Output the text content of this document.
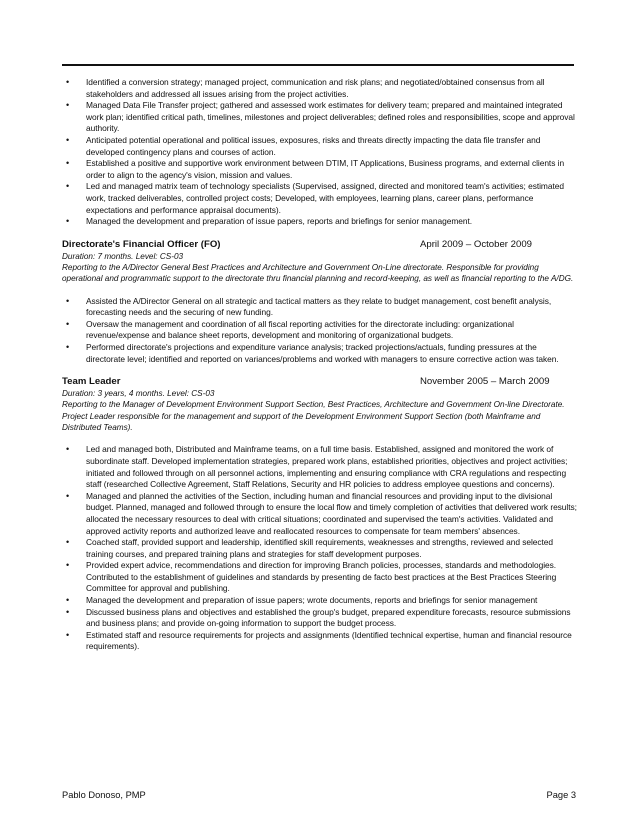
• Identified a conversion strategy; managed project, communication and risk plans; and negotiated/obtained consensus from all stakeholders and addressed all issues arising from the project activities.
• Managed Data File Transfer project; gathered and assessed work estimates for delivery team; prepared and maintained integrated work plan; identified critical path, timelines, milestones and project deliverables; defined roles and responsibilities, scope and approval authority.
• Anticipated potential operational and political issues, exposures, risks and threats directly impacting the data file transfer and developed contingency plans and courses of action.
• Established a positive and supportive work environment between DTIM, IT Applications, Business programs, and external clients in order to align to the agency's vision, mission and values.
• Led and managed matrix team of technology specialists (Supervised, assigned, directed and monitored team's activities; estimated work, tracked deliverables, controlled project costs; Developed, with employees, learning plans, career plans, performance expectations and performance appraisal documents).
• Managed the development and preparation of issue papers, reports and briefings for senior management.
Directorate's Financial Officer (FO)	April 2009 – October 2009
Duration: 7 months. Level: CS-03
Reporting to the A/Director General Best Practices and Architecture and Government On-Line directorate. Responsible for providing operational and programmatic support to the directorate thru financial planning and record-keeping, as well as financial reporting to the A/DG.
• Assisted the A/Director General on all strategic and tactical matters as they relate to budget management, cost benefit analysis, forecasting needs and the securing of new funding.
• Oversaw the management and coordination of all fiscal reporting activities for the directorate including: organizational revenue/expense and balance sheet reports, development and monitoring of organizational budgets.
• Performed directorate's projections and expenditure variance analysis; tracked projections/actuals, funding pressures at the directorate level; identified and reported on variances/problems and worked with managers to ensure corrective action was taken.
Team Leader	November 2005 – March 2009
Duration: 3 years, 4 months. Level: CS-03
Reporting to the Manager of Development Environment Support Section, Best Practices, Architecture and Government On-line Directorate. Project Leader responsible for the management and support of the Development Environment Support Section (both Mainframe and Distributed Teams).
• Led and managed both, Distributed and Mainframe teams, on a full time basis. Established, assigned and monitored the work of subordinate staff. Developed implementation strategies, prepared work plans, established priorities, objectives and project activities; initiated and followed through on all personnel actions, implementing and ensuring compliance with CRA regulations and respecting staff (researched Collective Agreement, Staff Relations, Security and HR policies to address employee questions and concerns).
• Managed and planned the activities of the Section, including human and financial resources and providing input to the divisional budget. Planned, managed and followed through to ensure the local flow and timely completion of activities that delivered work results; allocated the necessary resources to deal with critical situations; coordinated and supervised the team's activities. Validated and approved activity reports and authorized leave and reallocated resources to compensate for team members' absences.
• Coached staff, provided support and leadership, identified skill requirements, weaknesses and strengths, reviewed and selected training courses, and prepared training plans and strategies for staff development purposes.
• Provided expert advice, recommendations and direction for improving Branch policies, processes, standards and methodologies. Contributed to the establishment of guidelines and standards by presenting de facto best practices at the Best Practices Steering Committee for approval and publishing.
• Managed the development and preparation of issue papers; wrote documents, reports and briefings for senior management
• Discussed business plans and objectives and established the group's budget, prepared expenditure forecasts, resource submissions and business plans; and provide on-going information to support the budget process.
• Estimated staff and resource requirements for projects and assignments (Identified technical expertise, human and financial resource requirements).
Pablo Donoso, PMP	Page 3
